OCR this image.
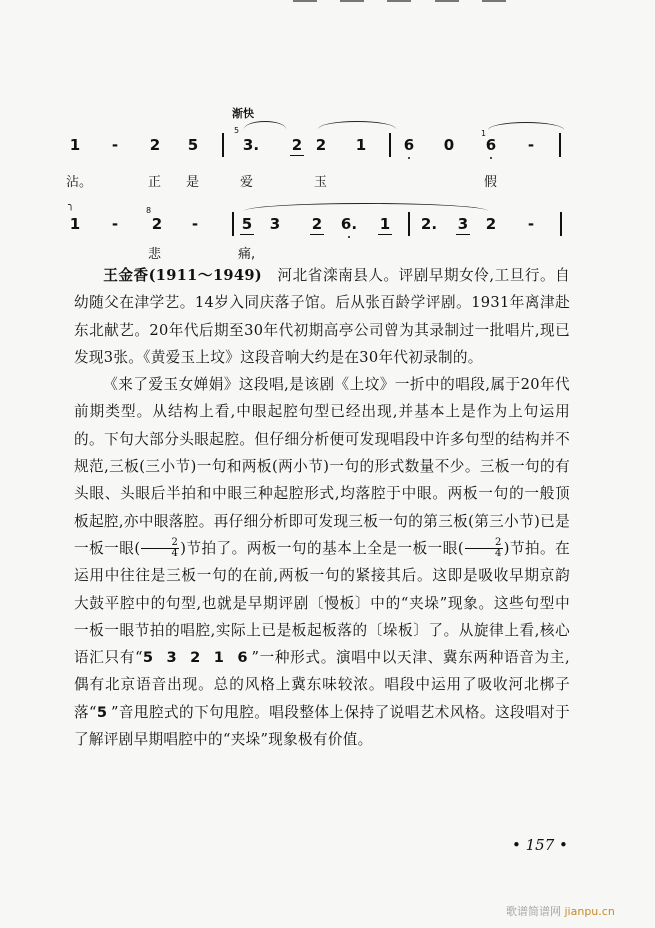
渐快
1 - 2 5
5
3. 2 2 1	6 0
1
6 -
沾。	正 是	爱	玉	假
╮
1 -
8
2 -	5 3 2 6. 1 2. 3 2 -
悲	痛,

王金香(1911～1949) 河北省滦南县人。评剧早期女伶,工旦行。自幼随父在津学艺。14岁入同庆落子馆。后从张百龄学评剧。1931年离津赴东北献艺。20年代后期至30年代初期高亭公司曾为其录制过一批唱片,现已发现3张。《黄爱玉上坟》这段音响大约是在30年代初录制的。

《来了爱玉女婵娟》这段唱,是该剧《上坟》一折中的唱段,属于20年代前期类型。从结构上看,中眼起腔句型已经出现,并基本上是作为上句运用的。下句大部分头眼起腔。但仔细分析便可发现唱段中许多句型的结构并不规范,三板(三小节)一句和两板(两小节)一句的形式数量不少。三板一句的有头眼、头眼后半拍和中眼三种起腔形式,均落腔于中眼。两板一句的一般顶板起腔,亦中眼落腔。再仔细分析即可发现三板一句的第三板(第三小节)已是一板一眼( $\frac{2}{4}$ )节拍了。两板一句的基本上全是一板一眼( $\frac{2}{4}$ )节拍。在运用中往往是三板一句的在前,两板一句的紧接其后。这即是吸收早期京韵大鼓平腔中的句型,也就是早期评剧〔慢板〕中的“夹垛”现象。这些句型中一板一眼节拍的唱腔,实际上已是板起板落的〔垛板〕了。从旋律上看,核心语汇只有“5 3 2 1 6”一种形式。演唱中以天津、冀东两种语音为主,偶有北京语音出现。总的风格上冀东味较浓。唱段中运用了吸收河北梆子落“5”音甩腔式的下句甩腔。唱段整体上保持了说唱艺术风格。这段唱对于了解评剧早期唱腔中的“夹垛”现象极有价值。

• 157 •
歌谱简谱网 jianpu.cn
